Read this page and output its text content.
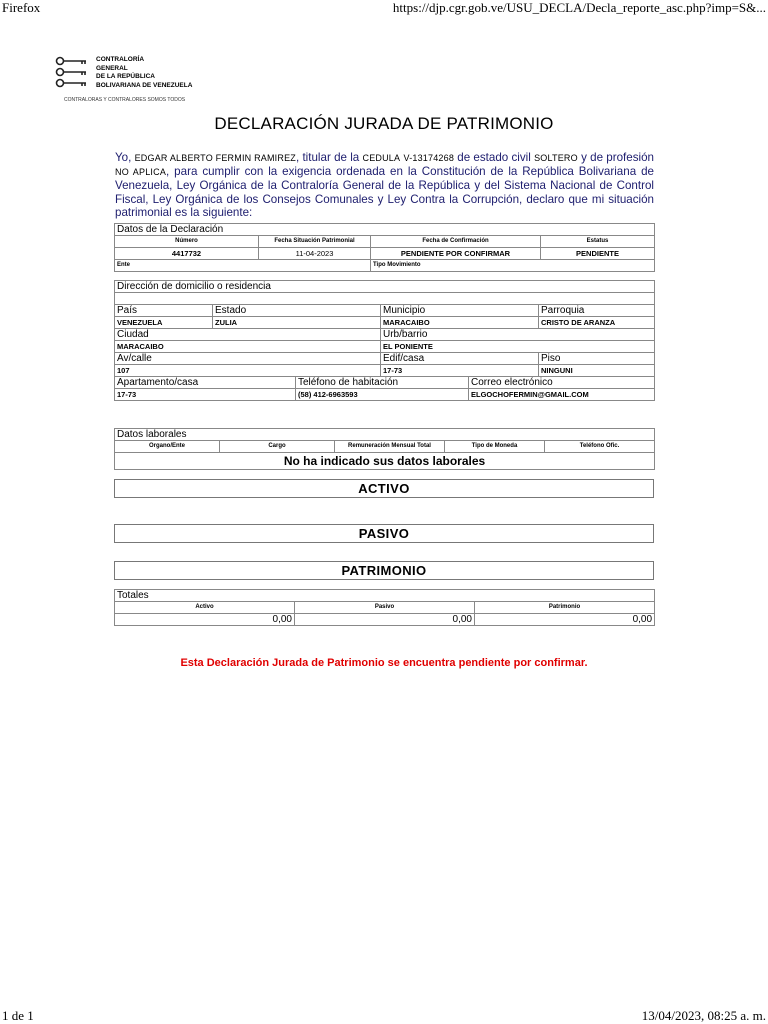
Firefox	https://djp.cgr.gob.ve/USU_DECLA/Decla_reporte_asc.php?imp=S&...
1 de 1	13/04/2023, 08:25 a. m.
CONTRALORÍA
GENERAL
DE LA REPÚBLICA
BOLIVARIANA DE VENEZUELA
CONTRALORAS Y CONTRALORES SOMOS TODOS
DECLARACIÓN JURADA DE PATRIMONIO
Yo, EDGAR ALBERTO FERMIN RAMIREZ, titular de la CEDULA V-13174268 de estado civil SOLTERO y de profesión NO APLICA, para cumplir con la exigencia ordenada en la Constitución de la República Bolivariana de Venezuela, Ley Orgánica de la Contraloría General de la República y del Sistema Nacional de Control Fiscal, Ley Orgánica de los Consejos Comunales y Ley Contra la Corrupción, declaro que mi situación patrimonial es la siguiente:
Datos de la Declaración			
Número	Fecha Situación Patrimonial	Fecha de Confirmación	Estatus
4417732	11-04-2023	PENDIENTE POR CONFIRMAR	PENDIENTE
Ente		Tipo Movimiento	
Dirección de domicilio o residencia					

País	Estado		Municipio		Parroquia
VENEZUELA	ZULIA		MARACAIBO		CRISTO DE ARANZA
Ciudad			Urb/barrio		
MARACAIBO			EL PONIENTE		
Av/calle			Edif/casa		Piso
107			17-73		NINGUNI
Apartamento/casa		Teléfono de habitación		Correo electrónico	
17-73		(58) 412-6963593		ELGOCHOFERMIN@GMAIL.COM	
Datos laborales
Organo/Ente	Cargo	Remuneración Mensual Total	Tipo de Moneda	Teléfono Ofic.
No ha indicado sus datos laborales
ACTIVO
PASIVO
PATRIMONIO
Totales		
Activo	Pasivo	Patrimonio
0,00	0,00	0,00
Esta Declaración Jurada de Patrimonio se encuentra pendiente por confirmar.
